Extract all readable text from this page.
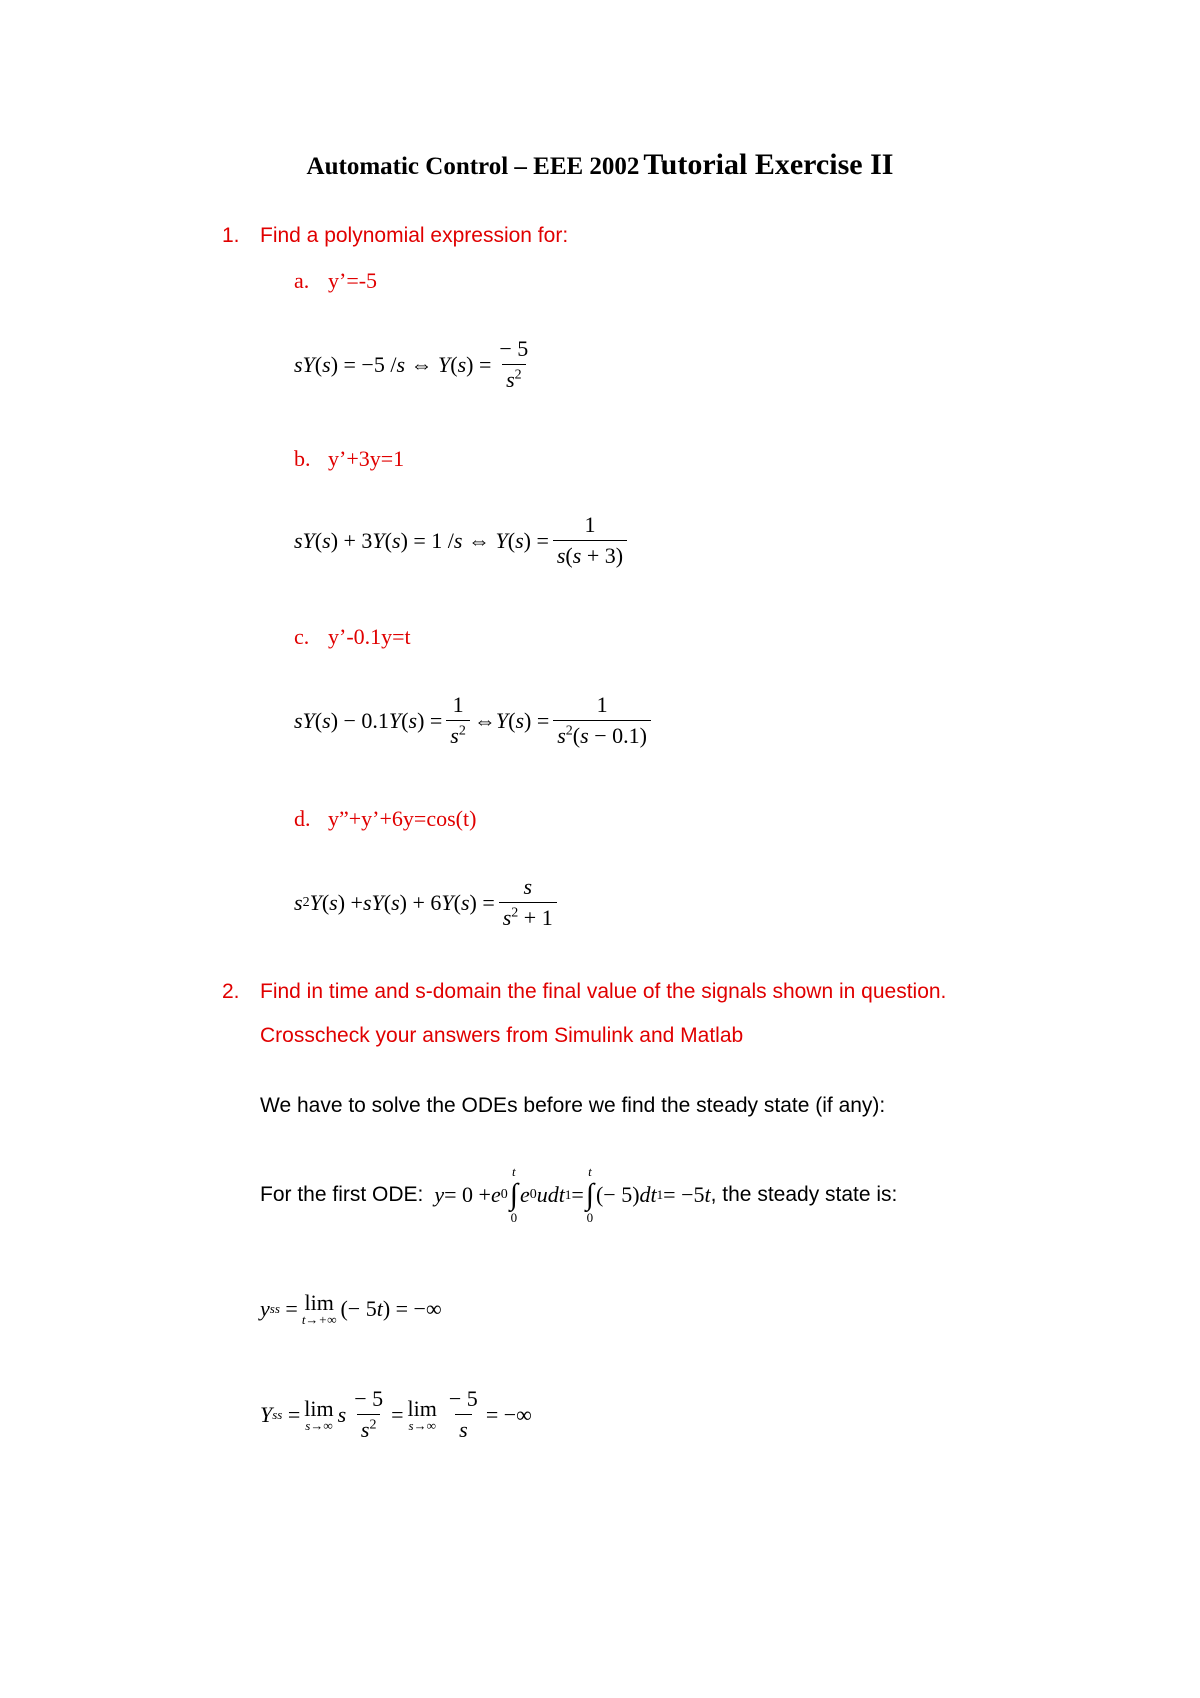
Automatic Control – EEE 2002 Tutorial Exercise II
1. Find a polynomial expression for:
a. y’=-5
sY ( s ) = −5 / s ⇔ Y ( s ) = $\frac{- 5}{s^2}$
b. y’+3y=1
sY ( s ) + 3 Y ( s ) = 1 / s ⇔ Y ( s ) = $\frac{1}{s(s + 3)}$
c. y’-0.1y=t
sY ( s ) − 0.1 Y ( s ) = $\frac{1}{s^2}$ ⇔ Y ( s ) = $\frac{1}{s^2(s - 0.1)}$
d. y”+y’+6y=cos(t)
s 2 Y ( s ) + sY ( s ) + 6 Y ( s ) = $\frac{s}{s^2 + 1}$
2. Find in time and s-domain the final value of the signals shown in question.
Crosscheck your answers from Simulink and Matlab
We have to solve the ODEs before we find the steady state (if any):
For the first ODE:
y = 0 + e 0
t
∫
0
e 0 udt 1 =
t
∫
0
(− 5) dt 1 = −5 t , the steady state is:
y ss = lim
t→+∞ (− 5 t ) = −∞
Y ss = lim
s→∞ s $\frac{- 5}{s^2} = \lim$
$s\to\infty \frac{- 5}{s}$ = −∞
